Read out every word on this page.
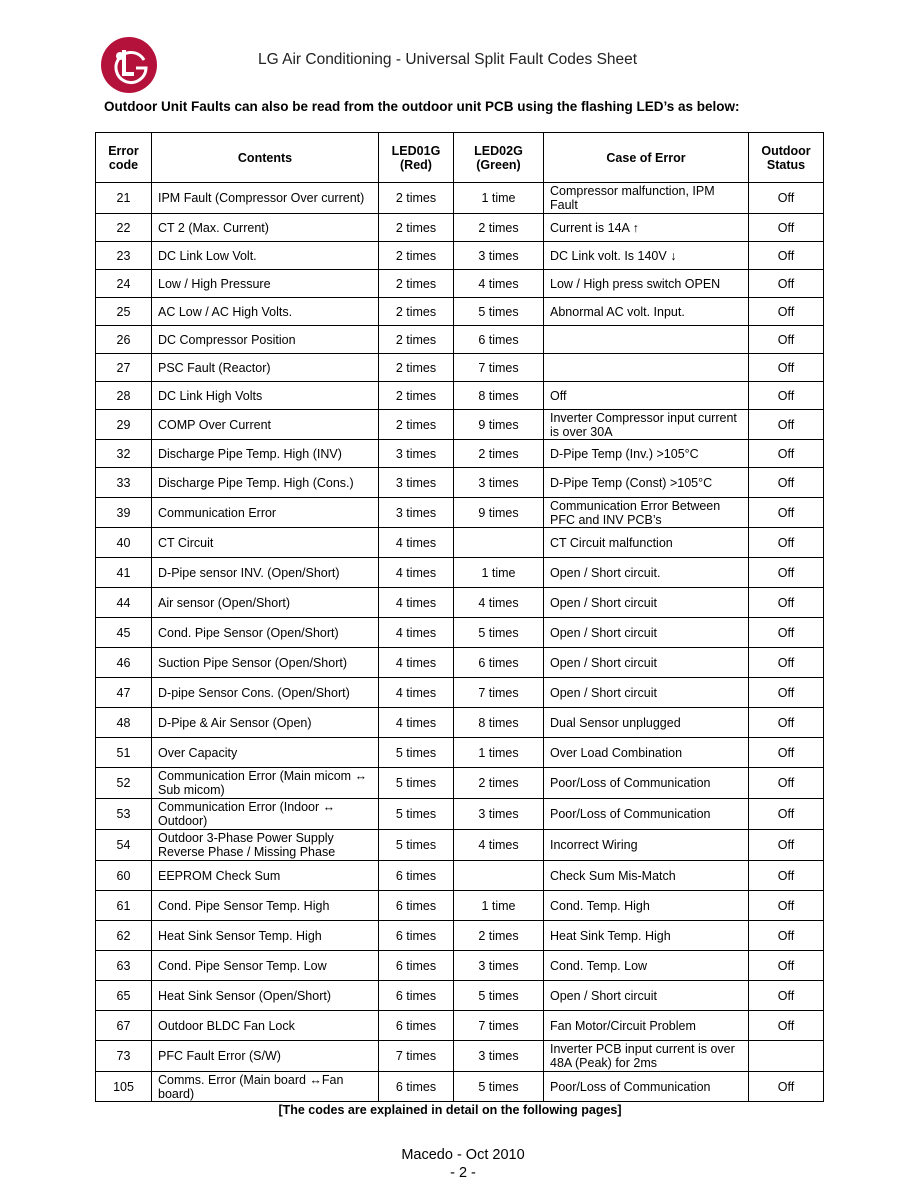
LG Air Conditioning - Universal Split Fault Codes Sheet
Outdoor Unit Faults can also be read from the outdoor unit PCB using the flashing LED’s as below:
Error code	Contents	LED01G (Red)	LED02G (Green)	Case of Error	Outdoor Status
21	IPM Fault (Compressor Over current)	2 times	1 time	Compressor malfunction, IPM Fault	Off
22	CT 2 (Max. Current)	2 times	2 times	Current is 14A ↑	Off
23	DC Link Low Volt.	2 times	3 times	DC Link volt. Is 140V ↓	Off
24	Low / High Pressure	2 times	4 times	Low / High press switch OPEN	Off
25	AC Low / AC High Volts.	2 times	5 times	Abnormal AC volt. Input.	Off
26	DC Compressor Position	2 times	6 times		Off
27	PSC Fault (Reactor)	2 times	7 times		Off
28	DC Link High Volts	2 times	8 times	Off	Off
29	COMP Over Current	2 times	9 times	Inverter Compressor input current is over 30A	Off
32	Discharge Pipe Temp. High (INV)	3 times	2 times	D-Pipe Temp (Inv.) >105°C	Off
33	Discharge Pipe Temp. High (Cons.)	3 times	3 times	D-Pipe Temp (Const) >105°C	Off
39	Communication Error	3 times	9 times	Communication Error Between PFC and INV PCB’s	Off
40	CT Circuit	4 times		CT Circuit malfunction	Off
41	D-Pipe sensor INV. (Open/Short)	4 times	1 time	Open / Short circuit.	Off
44	Air sensor (Open/Short)	4 times	4 times	Open / Short circuit	Off
45	Cond. Pipe Sensor (Open/Short)	4 times	5 times	Open / Short circuit	Off
46	Suction Pipe Sensor (Open/Short)	4 times	6 times	Open / Short circuit	Off
47	D-pipe Sensor Cons. (Open/Short)	4 times	7 times	Open / Short circuit	Off
48	D-Pipe & Air Sensor (Open)	4 times	8 times	Dual Sensor unplugged	Off
51	Over Capacity	5 times	1 times	Over Load Combination	Off
52	Communication Error (Main micom ↔ Sub micom)	5 times	2 times	Poor/Loss of Communication	Off
53	Communication Error (Indoor ↔ Outdoor)	5 times	3 times	Poor/Loss of Communication	Off
54	Outdoor 3-Phase Power Supply Reverse Phase / Missing Phase	5 times	4 times	Incorrect Wiring	Off
60	EEPROM Check Sum	6 times		Check Sum Mis-Match	Off
61	Cond. Pipe Sensor Temp. High	6 times	1 time	Cond. Temp. High	Off
62	Heat Sink Sensor Temp. High	6 times	2 times	Heat Sink Temp. High	Off
63	Cond. Pipe Sensor Temp. Low	6 times	3 times	Cond. Temp. Low	Off
65	Heat Sink Sensor (Open/Short)	6 times	5 times	Open / Short circuit	Off
67	Outdoor BLDC Fan Lock	6 times	7 times	Fan Motor/Circuit Problem	Off
73	PFC Fault Error (S/W)	7 times	3 times	Inverter PCB input current is over 48A (Peak) for 2ms	
105	Comms. Error (Main board ↔Fan board)	6 times	5 times	Poor/Loss of Communication	Off
[The codes are explained in detail on the following pages]
Macedo - Oct 2010
- 2 -
